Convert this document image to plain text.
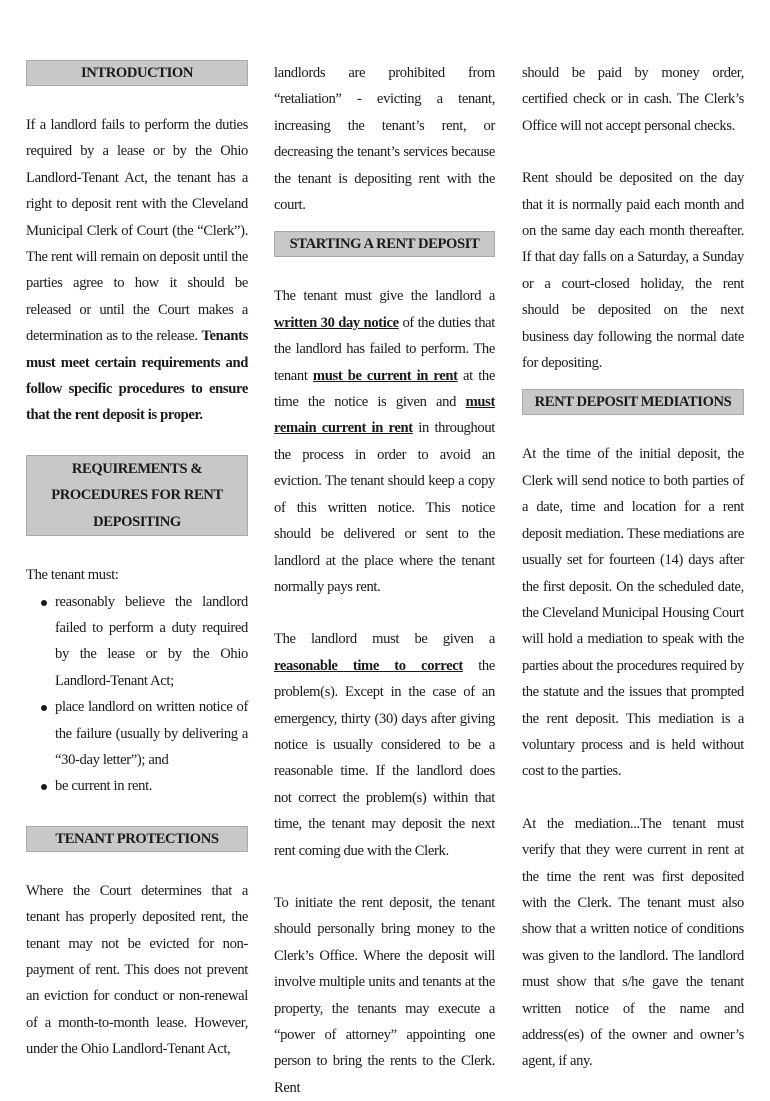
INTRODUCTION

If a landlord fails to perform the duties required by a lease or by the Ohio Landlord-Tenant Act, the tenant has a right to deposit rent with the Cleveland Municipal Clerk of Court (the “Clerk”). The rent will remain on deposit until the parties agree to how it should be released or until the Court makes a determination as to the release. Tenants must meet certain requirements and follow specific procedures to ensure that the rent deposit is proper.

REQUIREMENTS & PROCEDURES FOR RENT DEPOSITING

The tenant must:

reasonably believe the landlord failed to perform a duty required by the lease or by the Ohio Landlord-Tenant Act;
place landlord on written notice of the failure (usually by delivering a “30-day letter”); and
be current in rent.
TENANT PROTECTIONS

Where the Court determines that a tenant has properly deposited rent, the tenant may not be evicted for non-payment of rent. This does not prevent an eviction for conduct or non-renewal of a month-to-month lease. However, under the Ohio Landlord-Tenant Act,

landlords are prohibited from “retaliation” - evicting a tenant, increasing the tenant’s rent, or decreasing the tenant’s services because the tenant is depositing rent with the court.

STARTING A RENT DEPOSIT

The tenant must give the landlord a written 30 day notice of the duties that the landlord has failed to perform. The tenant must be current in rent at the time the notice is given and must remain current in rent in throughout the process in order to avoid an eviction. The tenant should keep a copy of this written notice. This notice should be delivered or sent to the landlord at the place where the tenant normally pays rent.

The landlord must be given a reasonable time to correct the problem(s). Except in the case of an emergency, thirty (30) days after giving notice is usually considered to be a reasonable time. If the landlord does not correct the problem(s) within that time, the tenant may deposit the next rent coming due with the Clerk.

To initiate the rent deposit, the tenant should personally bring money to the Clerk’s Office. Where the deposit will involve multiple units and tenants at the property, the tenants may execute a “power of attorney” appointing one person to bring the rents to the Clerk. Rent

should be paid by money order, certified check or in cash. The Clerk’s Office will not accept personal checks.

Rent should be deposited on the day that it is normally paid each month and on the same day each month thereafter. If that day falls on a Saturday, a Sunday or a court-closed holiday, the rent should be deposited on the next business day following the normal date for depositing.

RENT DEPOSIT MEDIATIONS

At the time of the initial deposit, the Clerk will send notice to both parties of a date, time and location for a rent deposit mediation. These mediations are usually set for fourteen (14) days after the first deposit. On the scheduled date, the Cleveland Municipal Housing Court will hold a mediation to speak with the parties about the procedures required by the statute and the issues that prompted the rent deposit. This mediation is a voluntary process and is held without cost to the parties.

At the mediation...The tenant must verify that they were current in rent at the time the rent was first deposited with the Clerk. The tenant must also show that a written notice of conditions was given to the landlord. The landlord must show that s/he gave the tenant written notice of the name and address(es) of the owner and owner’s agent, if any.
